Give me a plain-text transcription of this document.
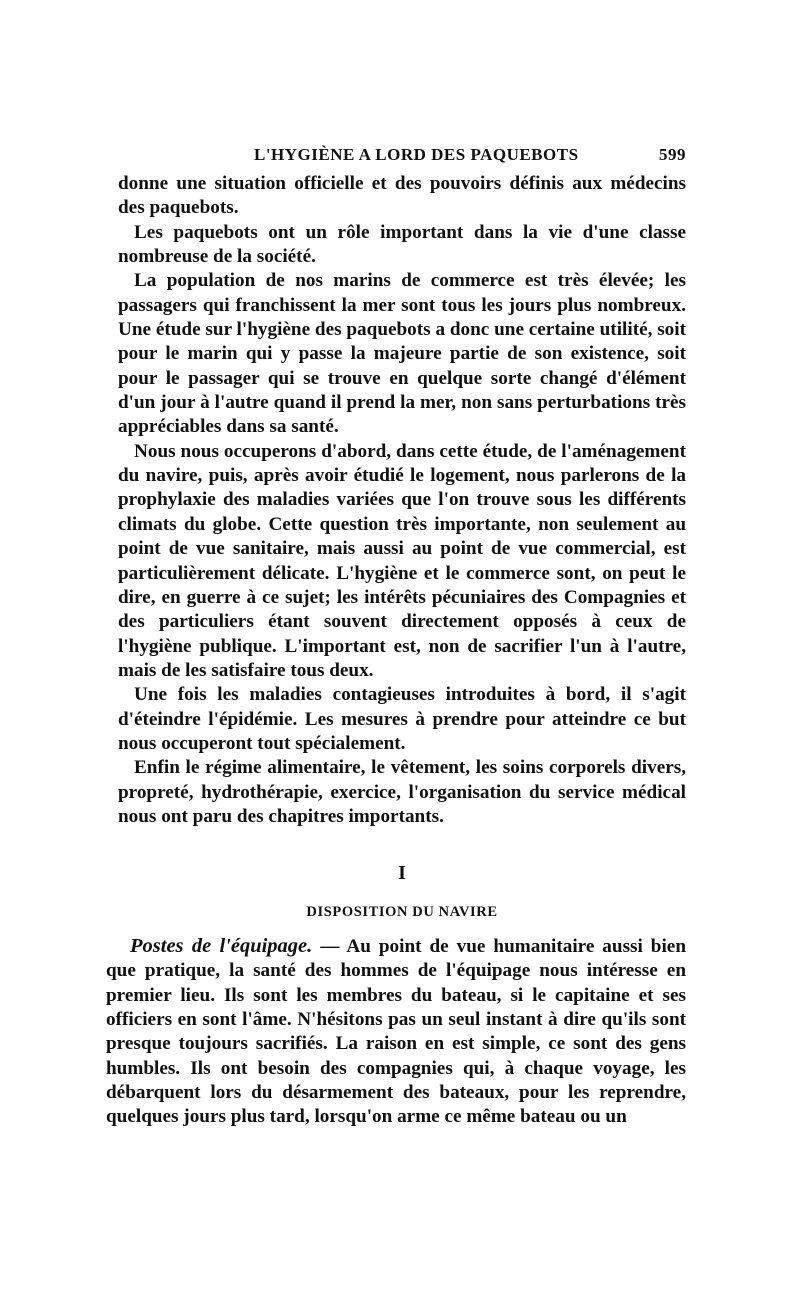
L'HYGIÈNE A LORD DES PAQUEBOTS	599

donne une situation officielle et des pouvoirs définis aux médecins des paquebots.

Les paquebots ont un rôle important dans la vie d'une classe nombreuse de la société.

La population de nos marins de commerce est très élevée; les passagers qui franchissent la mer sont tous les jours plus nombreux. Une étude sur l'hygiène des paquebots a donc une certaine utilité, soit pour le marin qui y passe la majeure partie de son existence, soit pour le passager qui se trouve en quelque sorte changé d'élément d'un jour à l'autre quand il prend la mer, non sans perturbations très appréciables dans sa santé.

Nous nous occuperons d'abord, dans cette étude, de l'aménagement du navire, puis, après avoir étudié le logement, nous parlerons de la prophylaxie des maladies variées que l'on trouve sous les différents climats du globe. Cette question très importante, non seulement au point de vue sanitaire, mais aussi au point de vue commercial, est particulièrement délicate. L'hygiène et le commerce sont, on peut le dire, en guerre à ce sujet; les intérêts pécuniaires des Compagnies et des particuliers étant souvent directement opposés à ceux de l'hygiène publique. L'important est, non de sacrifier l'un à l'autre, mais de les satisfaire tous deux.

Une fois les maladies contagieuses introduites à bord, il s'agit d'éteindre l'épidémie. Les mesures à prendre pour atteindre ce but nous occuperont tout spécialement.

Enfin le régime alimentaire, le vêtement, les soins corporels divers, propreté, hydrothérapie, exercice, l'organisation du service médical nous ont paru des chapitres importants.

I
DISPOSITION DU NAVIRE

Postes de l'équipage. — Au point de vue humanitaire aussi bien que pratique, la santé des hommes de l'équipage nous intéresse en premier lieu. Ils sont les membres du bateau, si le capitaine et ses officiers en sont l'âme. N'hésitons pas un seul instant à dire qu'ils sont presque toujours sacrifiés. La raison en est simple, ce sont des gens humbles. Ils ont besoin des compagnies qui, à chaque voyage, les débarquent lors du désarmement des bateaux, pour les reprendre, quelques jours plus tard, lorsqu'on arme ce même bateau ou un
